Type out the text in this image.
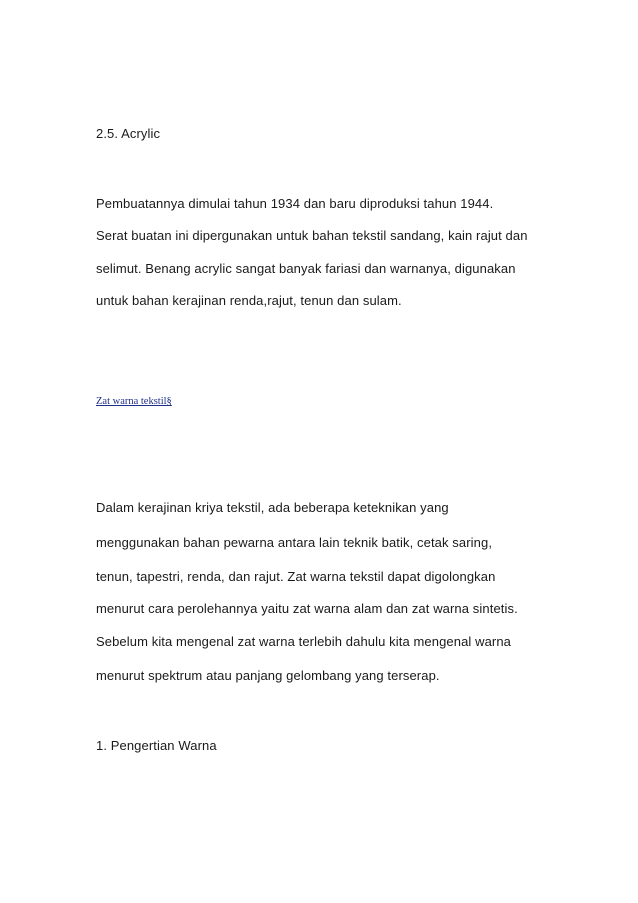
2.5. Acrylic
Pembuatannya dimulai tahun 1934 dan baru diproduksi tahun 1944.
Serat buatan ini dipergunakan untuk bahan tekstil sandang, kain rajut dan
selimut. Benang acrylic sangat banyak fariasi dan warnanya, digunakan
untuk bahan kerajinan renda,rajut, tenun dan sulam.
Zat warna tekstil§
Dalam kerajinan kriya tekstil, ada beberapa keteknikan yang
menggunakan bahan pewarna antara lain teknik batik, cetak saring,
tenun, tapestri, renda, dan rajut. Zat warna tekstil dapat digolongkan
menurut cara perolehannya yaitu zat warna alam dan zat warna sintetis.
Sebelum kita mengenal zat warna terlebih dahulu kita mengenal warna
menurut spektrum atau panjang gelombang yang terserap.
1. Pengertian Warna
